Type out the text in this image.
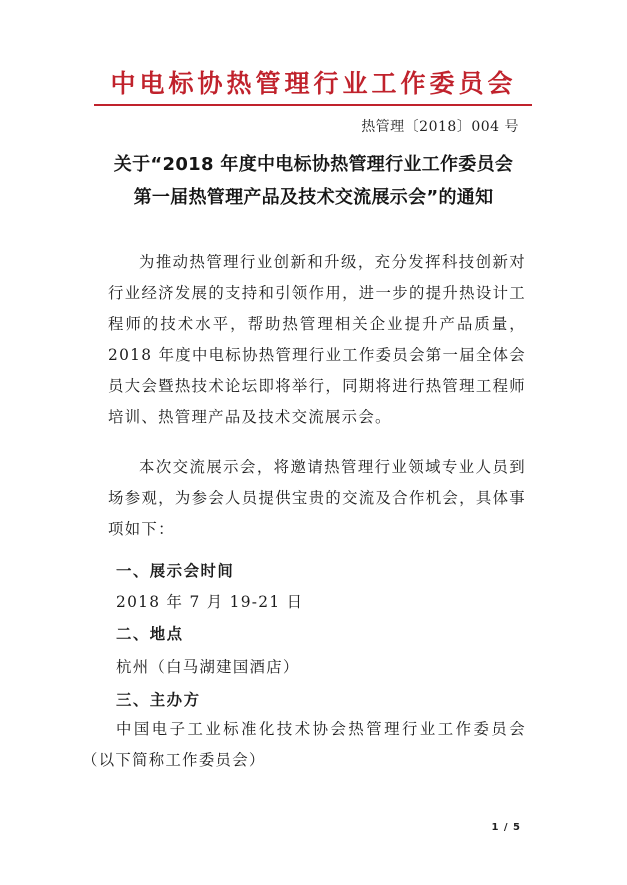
中电标协热管理行业工作委员会
热管理〔2018〕004 号
关于“2018 年度中电标协热管理行业工作委员会
第一届热管理产品及技术交流展示会”的通知
为推动热管理行业创新和升级，充分发挥科技创新对行业经济发展的支持和引领作用，进一步的提升热设计工程师的技术水平，帮助热管理相关企业提升产品质量，2018 年度中电标协热管理行业工作委员会第一届全体会员大会暨热技术论坛即将举行，同期将进行热管理工程师培训、热管理产品及技术交流展示会。
本次交流展示会，将邀请热管理行业领域专业人员到场参观，为参会人员提供宝贵的交流及合作机会，具体事项如下：
一、展示会时间
2018 年 7 月 19-21 日
二、地点
杭州（白马湖建国酒店）
三、主办方
中国电子工业标准化技术协会热管理行业工作委员会（以下简称工作委员会）
1 / 5
